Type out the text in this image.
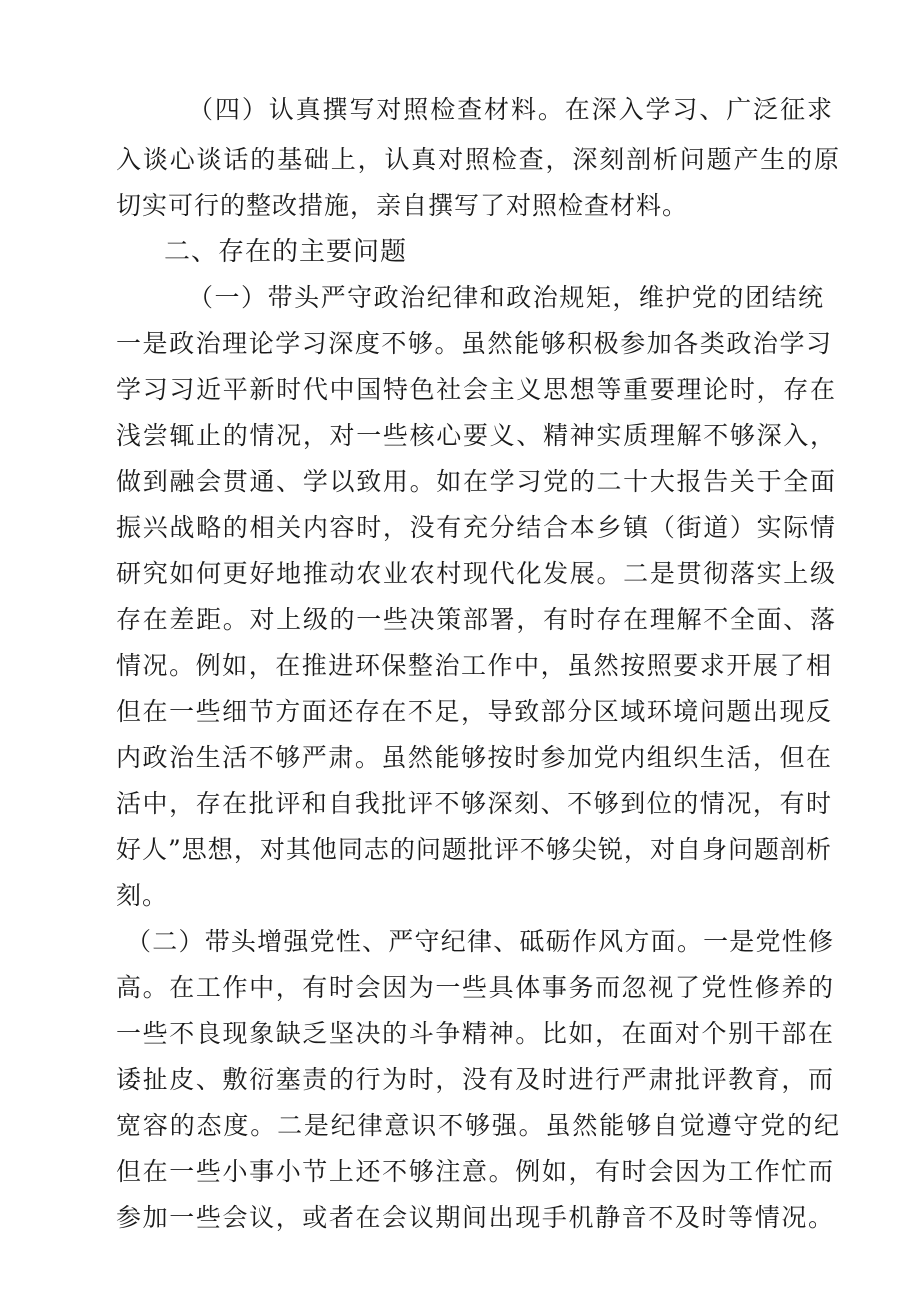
（四）认真撰写对照检查材料。在深入学习、广泛征求
入谈心谈话的基础上，认真对照检查，深刻剖析问题产生的原
切实可行的整改措施，亲自撰写了对照检查材料。
二、存在的主要问题
（一）带头严守政治纪律和政治规矩，维护党的团结统
一是政治理论学习深度不够。虽然能够积极参加各类政治学习
学习习近平新时代中国特色社会主义思想等重要理论时，存在
浅尝辄止的情况，对一些核心要义、精神实质理解不够深入，
做到融会贯通、学以致用。如在学习党的二十大报告关于全面
振兴战略的相关内容时，没有充分结合本乡镇（街道）实际情
研究如何更好地推动农业农村现代化发展。二是贯彻落实上级
存在差距。对上级的一些决策部署，有时存在理解不全面、落
情况。例如，在推进环保整治工作中，虽然按照要求开展了相
但在一些细节方面还存在不足，导致部分区域环境问题出现反
内政治生活不够严肃。虽然能够按时参加党内组织生活，但在
活中，存在批评和自我批评不够深刻、不够到位的情况，有时
好人”思想，对其他同志的问题批评不够尖锐，对自身问题剖析
刻。
（二）带头增强党性、严守纪律、砥砺作风方面。一是党性修
高。在工作中，有时会因为一些具体事务而忽视了党性修养的
一些不良现象缺乏坚决的斗争精神。比如，在面对个别干部在
诿扯皮、敷衍塞责的行为时，没有及时进行严肃批评教育，而
宽容的态度。二是纪律意识不够强。虽然能够自觉遵守党的纪
但在一些小事小节上还不够注意。例如，有时会因为工作忙而
参加一些会议，或者在会议期间出现手机静音不及时等情况。
